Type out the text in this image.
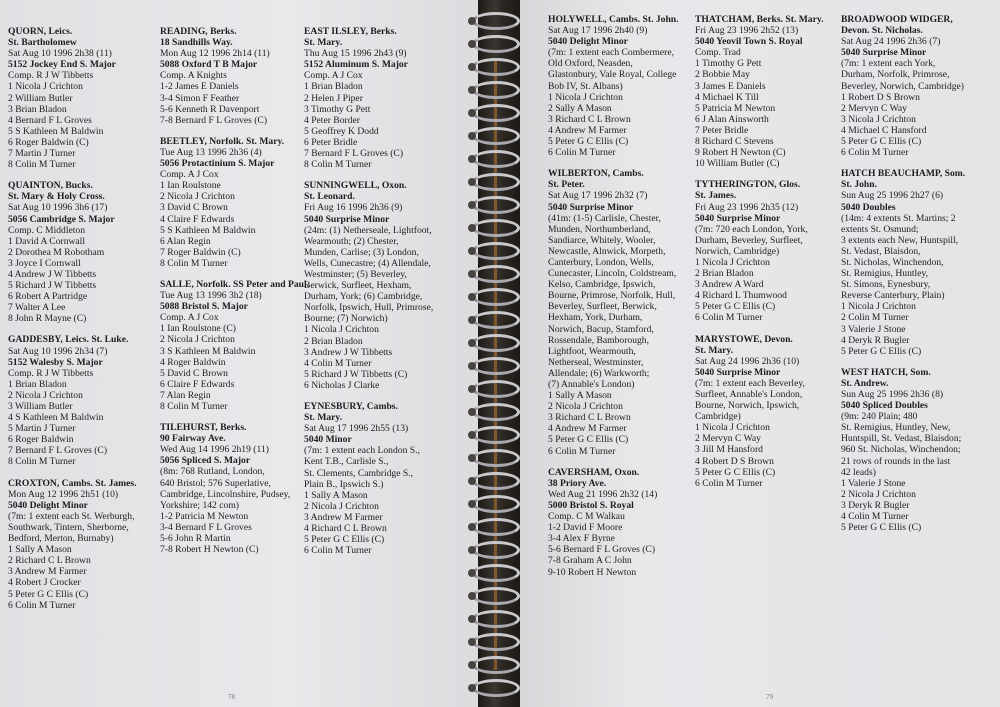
QUORN, Leics.
St. Bartholomew
Sat Aug 10 1996 2h38 (11)
5152 Jockey End S. Major
Comp. R J W Tibbetts
1 Nicola J Crichton
2 William Butler
3 Brian Bladon
4 Bernard F L Groves
5 S Kathleen M Baldwin
6 Roger Baldwin (C)
7 Martin J Turner
8 Colin M Turner
QUAINTON, Bucks.
St. Mary & Holy Cross.
Sat Aug 10 1996 3h6 (17)
5056 Cambridge S. Major
Comp. C Middleton
1 David A Cornwall
2 Dorothea M Robotham
3 Joyce I Cornwall
4 Andrew J W Tibbetts
5 Richard J W Tibbetts
6 Robert A Partridge
7 Walter A Lee
8 John R Mayne (C)
GADDESBY, Leics. St. Luke.
Sat Aug 10 1996 2h34 (7)
5152 Walesby S. Major
Comp. R J W Tibbetts
1 Brian Bladon
2 Nicola J Crichton
3 William Butler
4 S Kathleen M Baldwin
5 Martin J Turner
6 Roger Baldwin
7 Bernard F L Groves (C)
8 Colin M Turner
CROXTON, Cambs. St. James.
Mon Aug 12 1996 2h51 (10)
5040 Delight Minor
(7m: 1 extent each St. Werburgh,
Southwark, Tintern, Sherborne,
Bedford, Merton, Burnaby)
1 Sally A Mason
2 Richard C L Brown
3 Andrew M Farmer
4 Robert J Crocker
5 Peter G C Ellis (C)
6 Colin M Turner
READING, Berks.
18 Sandhills Way.
Mon Aug 12 1996 2h14 (11)
5088 Oxford T B Major
Comp. A Knights
1-2 James E Daniels
3-4 Simon F Feather
5-6 Kenneth R Davenport
7-8 Bernard F L Groves (C)
BEETLEY, Norfolk. St. Mary.
Tue Aug 13 1996 2h36 (4)
5056 Protactinium S. Major
Comp. A J Cox
1 Ian Roulstone
2 Nicola J Crichton
3 David C Brown
4 Claire F Edwards
5 S Kathleen M Baldwin
6 Alan Regin
7 Roger Baldwin (C)
8 Colin M Turner
SALLE, Norfolk. SS Peter and Paul.
Tue Aug 13 1996 3h2 (18)
5088 Bristol S. Major
Comp. A J Cox
1 Ian Roulstone (C)
2 Nicola J Crichton
3 S Kathleen M Baldwin
4 Roger Baldwin
5 David C Brown
6 Claire F Edwards
7 Alan Regin
8 Colin M Turner
TILEHURST, Berks.
90 Fairway Ave.
Wed Aug 14 1996 2h19 (11)
5056 Spliced S. Major
(8m: 768 Rutland, London,
640 Bristol; 576 Superlative,
Cambridge, Lincolnshire, Pudsey,
Yorkshire; 142 com)
1-2 Patricia M Newton
3-4 Bernard F L Groves
5-6 John R Martin
7-8 Robert H Newton (C)
EAST ILSLEY, Berks.
St. Mary.
Thu Aug 15 1996 2h43 (9)
5152 Aluminum S. Major
Comp. A J Cox
1 Brian Bladon
2 Helen J Piper
3 Timothy G Pett
4 Peter Border
5 Geoffrey K Dodd
6 Peter Bridle
7 Bernard F L Groves (C)
8 Colin M Turner
SUNNINGWELL, Oxon.
St. Leonard.
Fri Aug 16 1996 2h36 (9)
5040 Surprise Minor
(24m: (1) Netherseale, Lightfoot,
Wearmouth; (2) Chester,
Munden, Carlise; (3) London,
Wells, Cunecastre; (4) Allendale,
Westminster; (5) Beverley,
Berwick, Surfleet, Hexham,
Durham, York; (6) Cambridge,
Norfolk, Ipswich, Hull, Primrose,
Bourne; (7) Norwich)
1 Nicola J Crichton
2 Brian Bladon
3 Andrew J W Tibbetts
4 Colin M Turner
5 Richard J W Tibbetts (C)
6 Nicholas J Clarke
EYNESBURY, Cambs.
St. Mary.
Sat Aug 17 1996 2h55 (13)
5040 Minor
(7m: 1 extent each London S.,
Kent T.B., Carlisle S.,
St. Clements, Cambridge S.,
Plain B., Ipswich S.)
1 Sally A Mason
2 Nicola J Crichton
3 Andrew M Farmer
4 Richard C L Brown
5 Peter G C Ellis (C)
6 Colin M Turner
78
HOLYWELL, Cambs. St. John.
Sat Aug 17 1996 2h40 (9)
5040 Delight Minor
(7m: 1 extent each Combermere,
Old Oxford, Neasden,
Glastonbury, Vale Royal, College
Bob IV, St. Albans)
1 Nicola J Crichton
2 Sally A Mason
3 Richard C L Brown
4 Andrew M Farmer
5 Peter G C Ellis (C)
6 Colin M Turner
WILBERTON, Cambs.
St. Peter.
Sat Aug 17 1996 2h32 (7)
5040 Surprise Minor
(41m: (1-5) Carlisle, Chester,
Munden, Northumberland,
Sandiarce, Whitely, Wooler,
Newcastle, Alnwick, Morpeth,
Canterbury, London, Wells,
Cunecaster, Lincoln, Coldstream,
Kelso, Cambridge, Ipswich,
Bourne, Primrose, Norfolk, Hull,
Beverley, Surfleet, Berwick,
Hexham, York, Durham,
Norwich, Bacup, Stamford,
Rossendale, Bamborough,
Lightfoot, Wearmouth,
Netherseal, Westminster,
Allendale; (6) Warkworth;
(7) Annable's London)
1 Sally A Mason
2 Nicola J Crichton
3 Richard C L Brown
4 Andrew M Farmer
5 Peter G C Ellis (C)
6 Colin M Turner
CAVERSHAM, Oxon.
38 Priory Ave.
Wed Aug 21 1996 2h32 (14)
5000 Bristol S. Royal
Comp. C M Walkau
1-2 David F Moore
3-4 Alex F Byrne
5-6 Bernard F L Groves (C)
7-8 Graham A C John
9-10 Robert H Newton
THATCHAM, Berks. St. Mary.
Fri Aug 23 1996 2h52 (13)
5040 Yeovil Town S. Royal
Comp. Trad
1 Timothy G Pett
2 Bobbie May
3 James E Daniels
4 Michael K Till
5 Patricia M Newton
6 J Alan Ainsworth
7 Peter Bridle
8 Richard C Stevens
9 Robert H Newton (C)
10 William Butler (C)
TYTHERINGTON, Glos.
St. James.
Fri Aug 23 1996 2h35 (12)
5040 Surprise Minor
(7m: 720 each London, York,
Durham, Beverley, Surfleet,
Norwich, Cambridge)
1 Nicola J Crichton
2 Brian Bladon
3 Andrew A Ward
4 Richard L Thumwood
5 Peter G C Ellis (C)
6 Colin M Turner
MARYSTOWE, Devon.
St. Mary.
Sat Aug 24 1996 2h36 (10)
5040 Surprise Minor
(7m: 1 extent each Beverley,
Surfleet, Annable's London,
Bourne, Norwich, Ipswich,
Cambridge)
1 Nicola J Crichton
2 Mervyn C Way
3 Jill M Hansford
4 Robert D S Brown
5 Peter G C Ellis (C)
6 Colin M Turner
BROADWOOD WIDGER,
Devon. St. Nicholas.
Sat Aug 24 1996 2h36 (7)
5040 Surprise Minor
(7m: 1 extent each York,
Durham, Norfolk, Primrose,
Beverley, Norwich, Cambridge)
1 Robert D S Brown
2 Mervyn C Way
3 Nicola J Crichton
4 Michael C Hansford
5 Peter G C Ellis (C)
6 Colin M Turner
HATCH BEAUCHAMP, Som.
St. John.
Sun Aug 25 1996 2h27 (6)
5040 Doubles
(14m: 4 extents St. Martins; 2
extents St. Osmund;
3 extents each New, Huntspill,
St. Vedast, Blaisdon,
St. Nicholas, Winchendon,
St. Remigius, Huntley,
St. Simons, Eynesbury,
Reverse Canterbury, Plain)
1 Nicola J Crichton
2 Colin M Turner
3 Valerie J Stone
4 Deryk R Bugler
5 Peter G C Ellis (C)
WEST HATCH, Som.
St. Andrew.
Sun Aug 25 1996 2h36 (8)
5040 Spliced Doubles
(9m: 240 Plain; 480
St. Remigius, Huntley, New,
Huntspill, St. Vedast, Blaisdon;
960 St. Nicholas, Winchendon;
21 rows of rounds in the last
42 leads)
1 Valerie J Stone
2 Nicola J Crichton
3 Deryk R Bugler
4 Colin M Turner
5 Peter G C Ellis (C)
79
